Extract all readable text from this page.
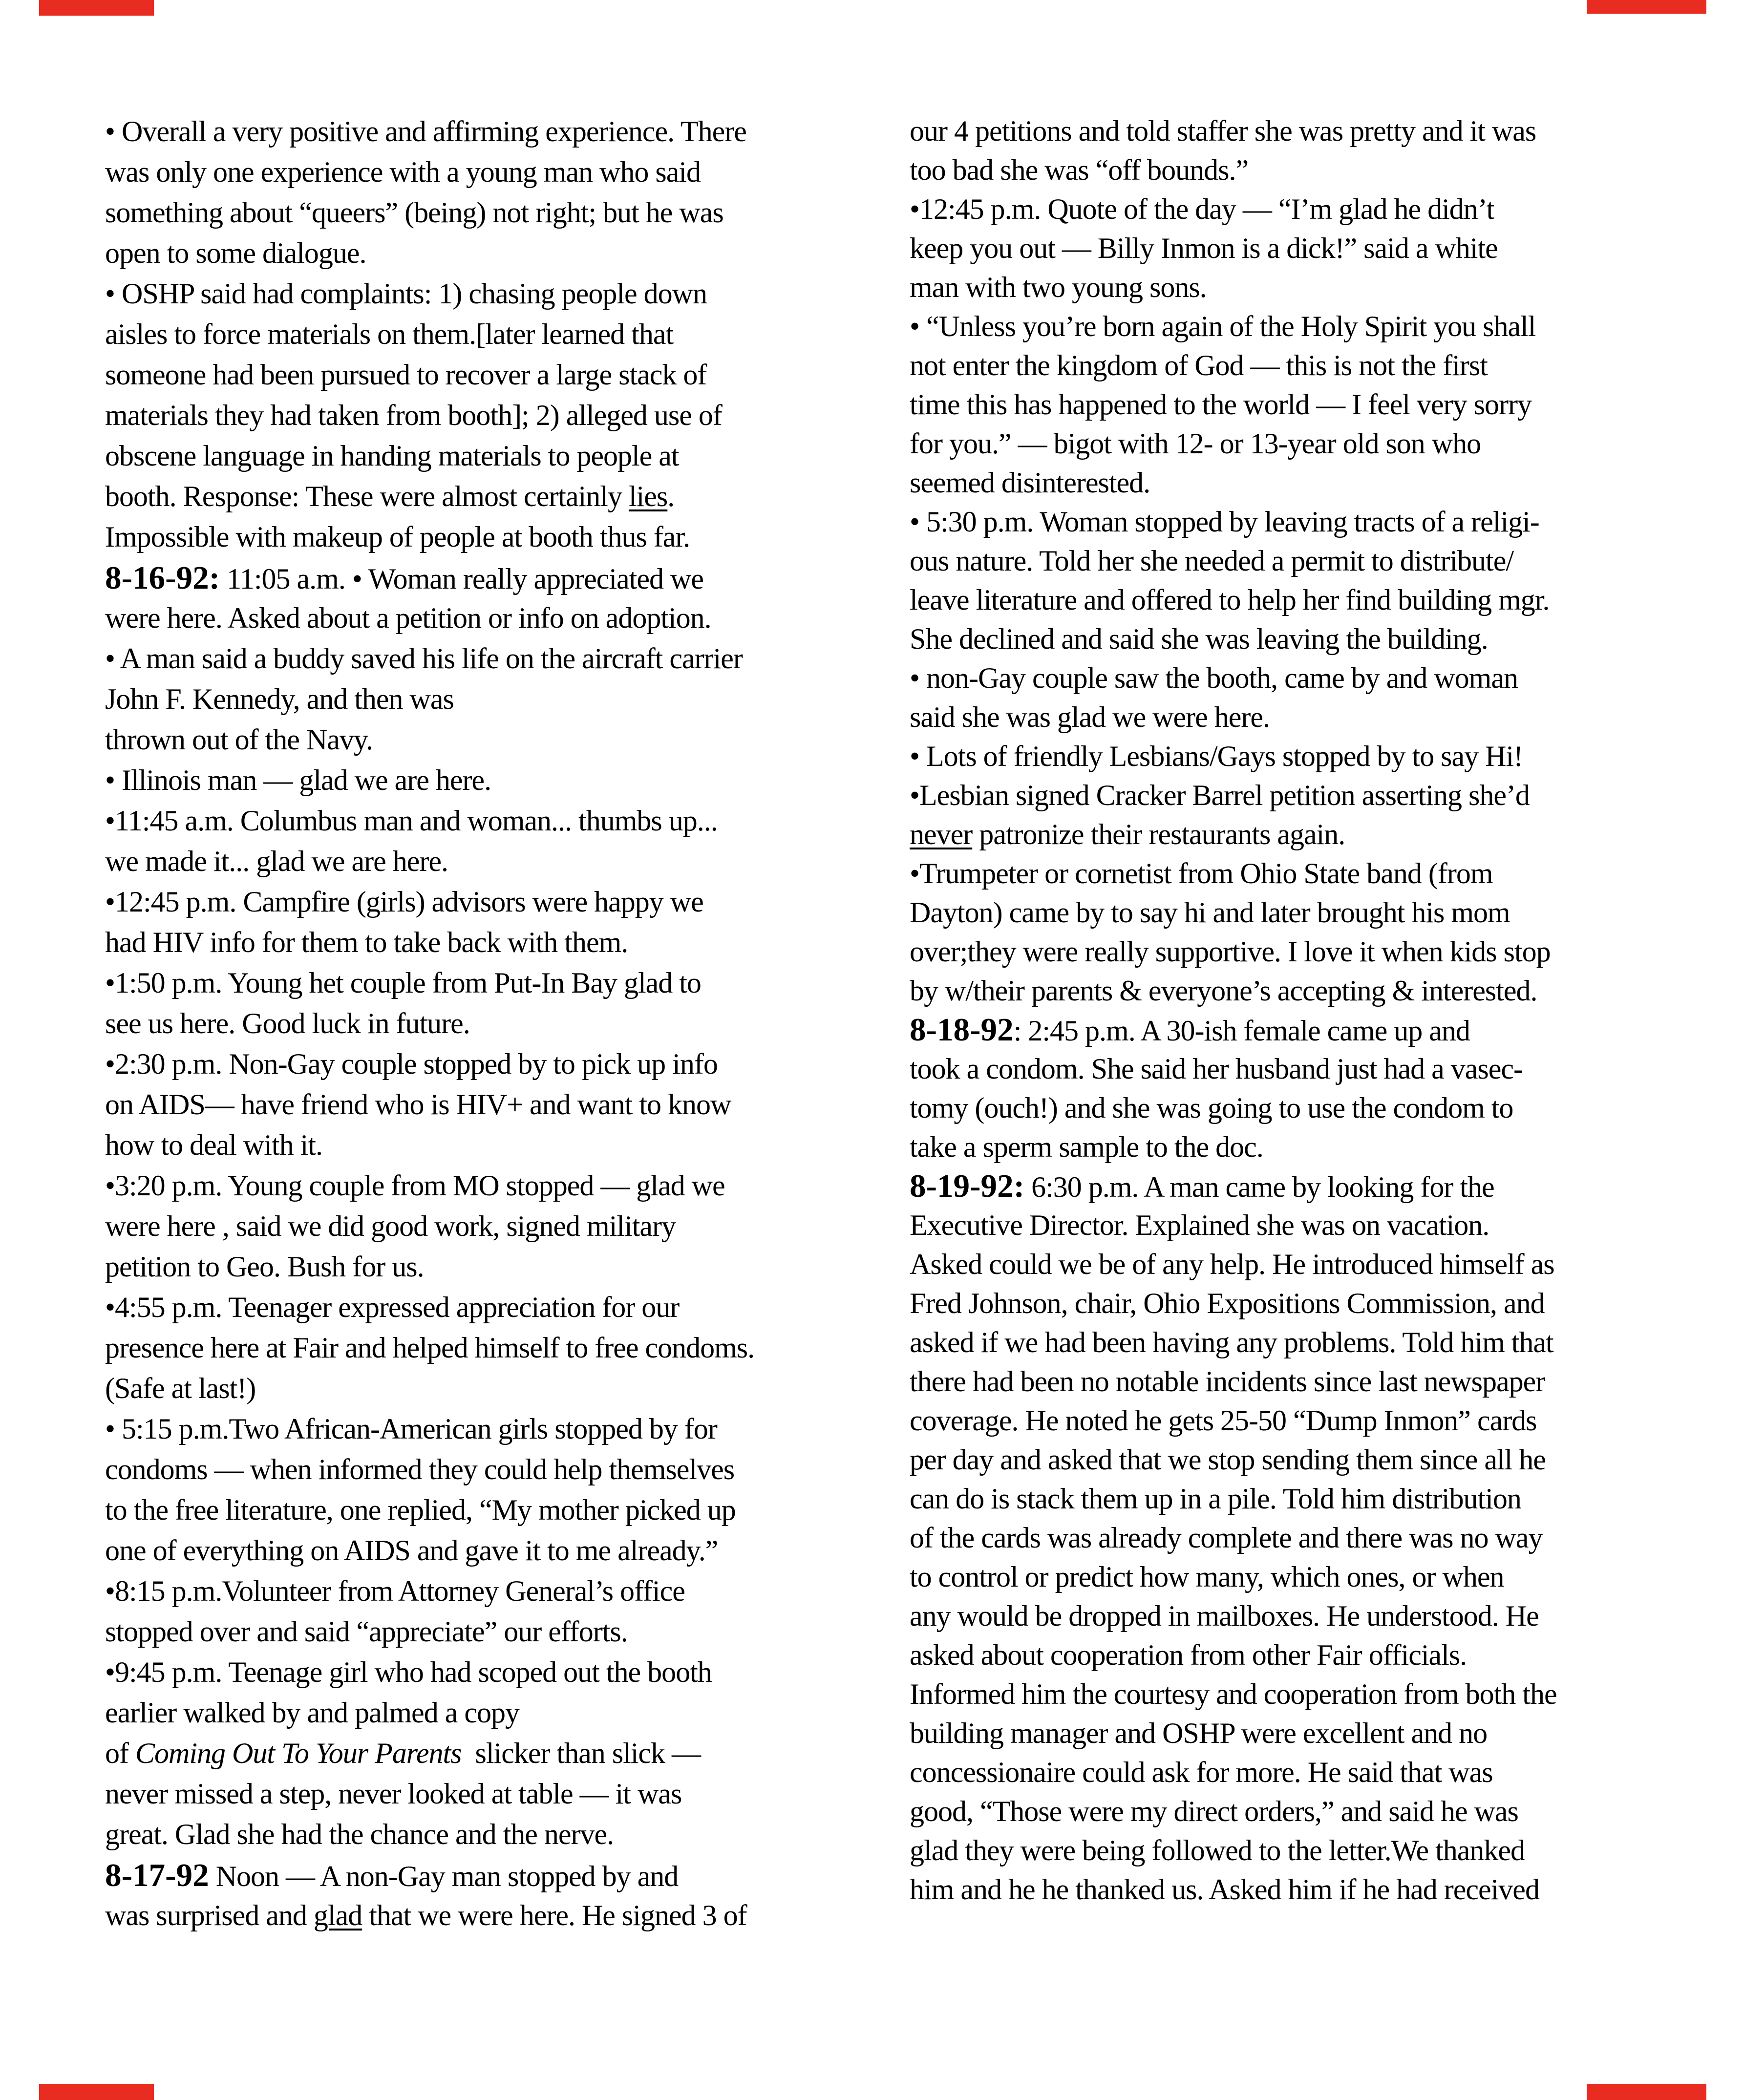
• Overall a very positive and affirming experience. There
was only one experience with a young man who said
something about “queers” (being) not right; but he was
open to some dialogue.
• OSHP said had complaints: 1) chasing people down
aisles to force materials on them.[later learned that
someone had been pursued to recover a large stack of
materials they had taken from booth]; 2) alleged use of
obscene language in handing materials to people at
booth. Response: These were almost certainly lies.
Impossible with makeup of people at booth thus far.
8-16-92: 11:05 a.m. • Woman really appreciated we
were here. Asked about a petition or info on adoption.
• A man said a buddy saved his life on the aircraft carrier
John F. Kennedy, and then was
thrown out of the Navy.
• Illinois man — glad we are here.
•11:45 a.m. Columbus man and woman... thumbs up...
we made it... glad we are here.
•12:45 p.m. Campfire (girls) advisors were happy we
had HIV info for them to take back with them.
•1:50 p.m. Young het couple from Put-In Bay glad to
see us here. Good luck in future.
•2:30 p.m. Non-Gay couple stopped by to pick up info
on AIDS— have friend who is HIV+ and want to know
how to deal with it.
•3:20 p.m. Young couple from MO stopped — glad we
were here , said we did good work, signed military
petition to Geo. Bush for us.
•4:55 p.m. Teenager expressed appreciation for our
presence here at Fair and helped himself to free condoms.
(Safe at last!)
• 5:15 p.m.Two African-American girls stopped by for
condoms — when informed they could help themselves
to the free literature, one replied, “My mother picked up
one of everything on AIDS and gave it to me already.”
•8:15 p.m.Volunteer from Attorney General’s office
stopped over and said “appreciate” our efforts.
•9:45 p.m. Teenage girl who had scoped out the booth
earlier walked by and palmed a copy
of Coming Out To Your Parents  slicker than slick —
never missed a step, never looked at table — it was
great. Glad she had the chance and the nerve.
8-17-92 Noon — A non-Gay man stopped by and
was surprised and glad that we were here. He signed 3 of
our 4 petitions and told staffer she was pretty and it was
too bad she was “off bounds.”
•12:45 p.m. Quote of the day — “I’m glad he didn’t
keep you out — Billy Inmon is a dick!” said a white
man with two young sons.
• “Unless you’re born again of the Holy Spirit you shall
not enter the kingdom of God — this is not the first
time this has happened to the world — I feel very sorry
for you.” — bigot with 12- or 13-year old son who
seemed disinterested.
• 5:30 p.m. Woman stopped by leaving tracts of a religi-
ous nature. Told her she needed a permit to distribute/
leave literature and offered to help her find building mgr.
She declined and said she was leaving the building.
• non-Gay couple saw the booth, came by and woman
said she was glad we were here.
• Lots of friendly Lesbians/Gays stopped by to say Hi!
•Lesbian signed Cracker Barrel petition asserting she’d
never patronize their restaurants again.
•Trumpeter or cornetist from Ohio State band (from
Dayton) came by to say hi and later brought his mom
over;they were really supportive. I love it when kids stop
by w/their parents & everyone’s accepting & interested.
8-18-92: 2:45 p.m. A 30-ish female came up and
took a condom. She said her husband just had a vasec-
tomy (ouch!) and she was going to use the condom to
take a sperm sample to the doc.
8-19-92: 6:30 p.m. A man came by looking for the
Executive Director. Explained she was on vacation.
Asked could we be of any help. He introduced himself as
Fred Johnson, chair, Ohio Expositions Commission, and
asked if we had been having any problems. Told him that
there had been no notable incidents since last newspaper
coverage. He noted he gets 25-50 “Dump Inmon” cards
per day and asked that we stop sending them since all he
can do is stack them up in a pile. Told him distribution
of the cards was already complete and there was no way
to control or predict how many, which ones, or when
any would be dropped in mailboxes. He understood. He
asked about cooperation from other Fair officials.
Informed him the courtesy and cooperation from both the
building manager and OSHP were excellent and no
concessionaire could ask for more. He said that was
good, “Those were my direct orders,” and said he was
glad they were being followed to the letter.We thanked
him and he he thanked us. Asked him if he had received
